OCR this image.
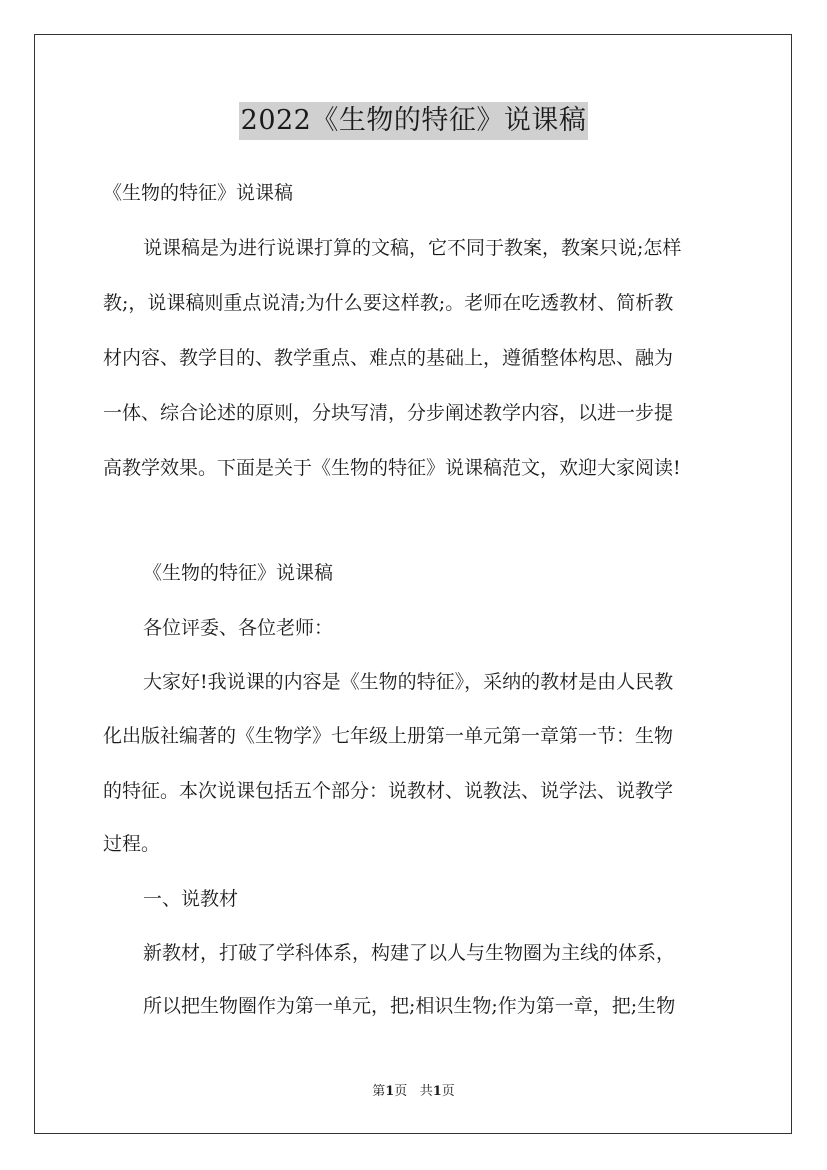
2022《生物的特征》说课稿
《生物的特征》说课稿
说课稿是为进行说课打算的文稿，它不同于教案，教案只说;怎样
教;，说课稿则重点说清;为什么要这样教;。老师在吃透教材、简析教
材内容、教学目的、教学重点、难点的基础上，遵循整体构思、融为
一体、综合论述的原则，分块写清，分步阐述教学内容，以进一步提
高教学效果。下面是关于《生物的特征》说课稿范文，欢迎大家阅读!
《生物的特征》说课稿
各位评委、各位老师：
大家好!我说课的内容是《生物的特征》，采纳的教材是由人民教
化出版社编著的《生物学》七年级上册第一单元第一章第一节：生物
的特征。本次说课包括五个部分：说教材、说教法、说学法、说教学
过程。
一、说教材
新教材，打破了学科体系，构建了以人与生物圈为主线的体系，
所以把生物圈作为第一单元，把;相识生物;作为第一章，把;生物
第1页 共1页
